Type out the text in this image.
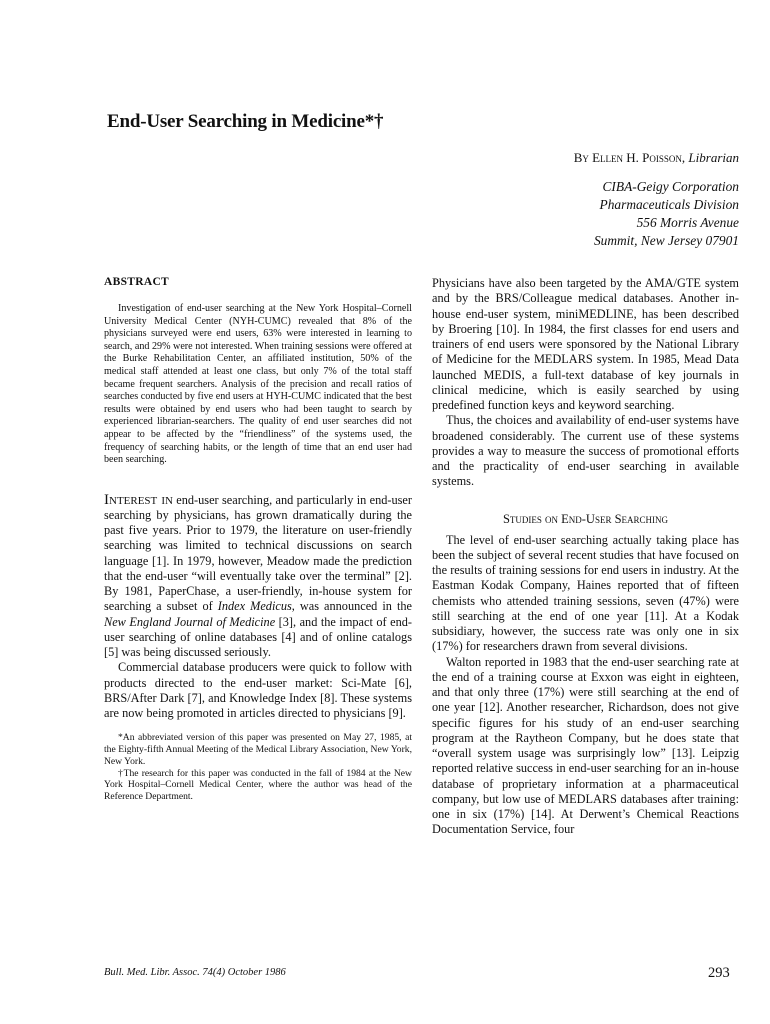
End-User Searching in Medicine*†
By Ellen H. Poisson, Librarian
CIBA-Geigy Corporation
Pharmaceuticals Division
556 Morris Avenue
Summit, New Jersey 07901
ABSTRACT

Investigation of end-user searching at the New York Hospital–Cornell University Medical Center (NYH-CUMC) revealed that 8% of the physicians surveyed were end users, 63% were interested in learning to search, and 29% were not interested. When training sessions were offered at the Burke Rehabilitation Center, an affiliated institution, 50% of the medical staff attended at least one class, but only 7% of the total staff became frequent searchers. Analysis of the precision and recall ratios of searches conducted by five end users at HYH-CUMC indicated that the best results were obtained by end users who had been taught to search by experienced librarian-searchers. The quality of end user searches did not appear to be affected by the “friendliness” of the systems used, the frequency of searching habits, or the length of time that an end user had been searching.

Interest in end-user searching, and particularly in end-user searching by physicians, has grown dramatically during the past five years. Prior to 1979, the literature on user-friendly searching was limited to technical discussions on search language [1]. In 1979, however, Meadow made the prediction that the end-user “will eventually take over the terminal” [2]. By 1981, PaperChase, a user-friendly, in-house system for searching a subset of Index Medicus, was announced in the New England Journal of Medicine [3], and the impact of end-user searching of online databases [4] and of online catalogs [5] was being discussed seriously.

Commercial database producers were quick to follow with products directed to the end-user market: Sci-Mate [6], BRS/After Dark [7], and Knowledge Index [8]. These systems are now being promoted in articles directed to physicians [9].

*An abbreviated version of this paper was presented on May 27, 1985, at the Eighty-fifth Annual Meeting of the Medical Library Association, New York, New York.

†The research for this paper was conducted in the fall of 1984 at the New York Hospital–Cornell Medical Center, where the author was head of the Reference Department.

Physicians have also been targeted by the AMA/GTE system and by the BRS/Colleague medical databases. Another in-house end-user system, miniMEDLINE, has been described by Broering [10]. In 1984, the first classes for end users and trainers of end users were sponsored by the National Library of Medicine for the MEDLARS system. In 1985, Mead Data launched MEDIS, a full-text database of key journals in clinical medicine, which is easily searched by using predefined function keys and keyword searching.

Thus, the choices and availability of end-user systems have broadened considerably. The current use of these systems provides a way to measure the success of promotional efforts and the practicality of end-user searching in available systems.

Studies on End-User Searching

The level of end-user searching actually taking place has been the subject of several recent studies that have focused on the results of training sessions for end users in industry. At the Eastman Kodak Company, Haines reported that of fifteen chemists who attended training sessions, seven (47%) were still searching at the end of one year [11]. At a Kodak subsidiary, however, the success rate was only one in six (17%) for researchers drawn from several divisions.

Walton reported in 1983 that the end-user searching rate at the end of a training course at Exxon was eight in eighteen, and that only three (17%) were still searching at the end of one year [12]. Another researcher, Richardson, does not give specific figures for his study of an end-user searching program at the Raytheon Company, but he does state that “overall system usage was surprisingly low” [13]. Leipzig reported relative success in end-user searching for an in-house database of proprietary information at a pharmaceutical company, but low use of MEDLARS databases after training: one in six (17%) [14]. At Derwent’s Chemical Reactions Documentation Service, four

Bull. Med. Libr. Assoc. 74(4) October 1986	293
